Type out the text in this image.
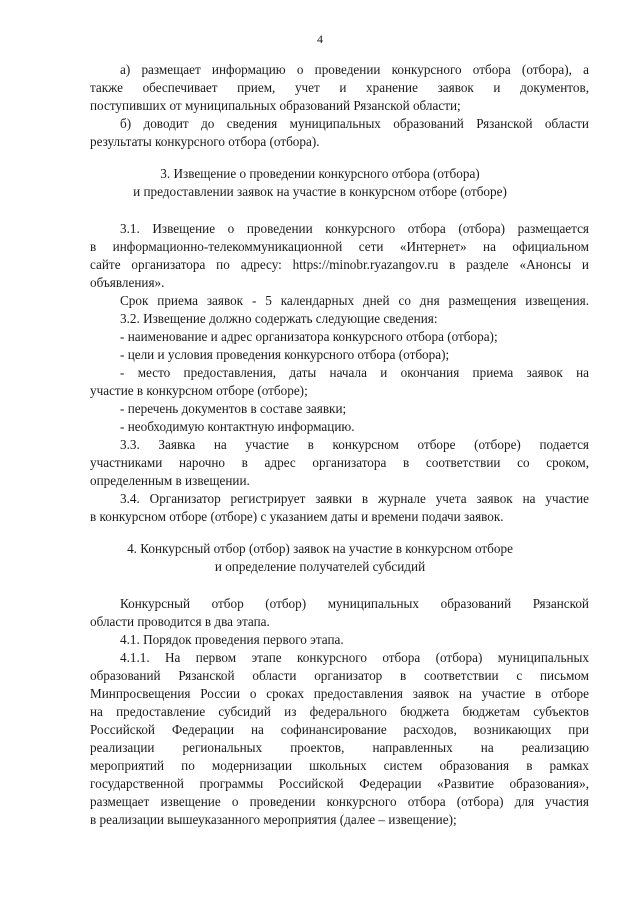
4
а) размещает информацию о проведении конкурсного отбора (отбора), а
также обеспечивает прием, учет и хранение заявок и документов,
поступивших от муниципальных образований Рязанской области;
б) доводит до сведения муниципальных образований Рязанской области
результаты конкурсного отбора (отбора).
3. Извещение о проведении конкурсного отбора (отбора)
и предоставлении заявок на участие в конкурсном отборе (отборе)
3.1. Извещение о проведении конкурсного отбора (отбора) размещается
в информационно-телекоммуникационной сети «Интернет» на официальном
сайте организатора по адресу: https://minobr.ryazangov.ru в разделе «Анонсы и
объявления».
Срок приема заявок - 5 календарных дней со дня размещения извещения.
3.2. Извещение должно содержать следующие сведения:
- наименование и адрес организатора конкурсного отбора (отбора);
- цели и условия проведения конкурсного отбора (отбора);
- место предоставления, даты начала и окончания приема заявок на
участие в конкурсном отборе (отборе);
- перечень документов в составе заявки;
- необходимую контактную информацию.
3.3. Заявка на участие в конкурсном отборе (отборе) подается
участниками нарочно в адрес организатора в соответствии со сроком,
определенным в извещении.
3.4. Организатор регистрирует заявки в журнале учета заявок на участие
в конкурсном отборе (отборе) с указанием даты и времени подачи заявок.
4. Конкурсный отбор (отбор) заявок на участие в конкурсном отборе
и определение получателей субсидий
Конкурсный отбор (отбор) муниципальных образований Рязанской
области проводится в два этапа.
4.1. Порядок проведения первого этапа.
4.1.1. На первом этапе конкурсного отбора (отбора) муниципальных
образований Рязанской области организатор в соответствии с письмом
Минпросвещения России о сроках предоставления заявок на участие в отборе
на предоставление субсидий из федерального бюджета бюджетам субъектов
Российской Федерации на софинансирование расходов, возникающих при
реализации региональных проектов, направленных на реализацию
мероприятий по модернизации школьных систем образования в рамках
государственной программы Российской Федерации «Развитие образования»,
размещает извещение о проведении конкурсного отбора (отбора) для участия
в реализации вышеуказанного мероприятия (далее – извещение);
